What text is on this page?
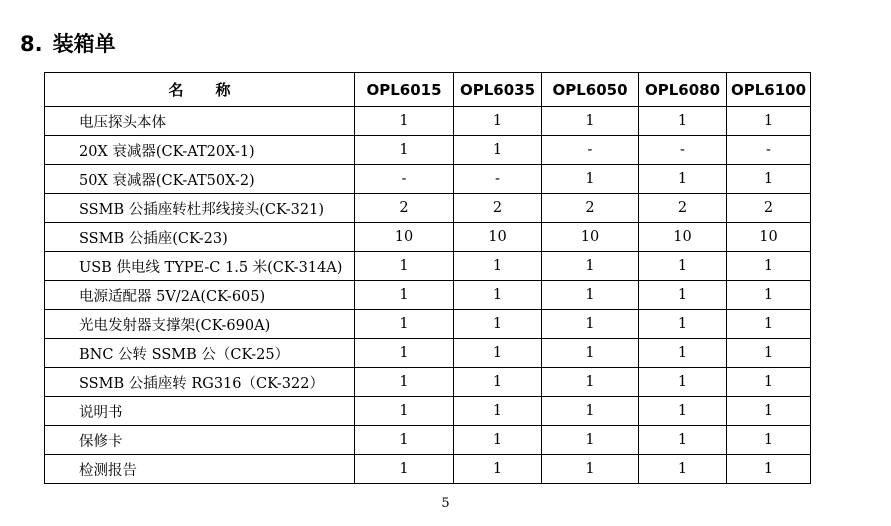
8. 装箱单
名 称	OPL6015	OPL6035	OPL6050	OPL6080	OPL6100
电压探头本体	1	1	1	1	1
20X 衰减器(CK-AT20X-1)	1	1	-	-	-
50X 衰减器(CK-AT50X-2)	-	-	1	1	1
SSMB 公插座转杜邦线接头(CK-321)	2	2	2	2	2
SSMB 公插座(CK-23)	10	10	10	10	10
USB 供电线 TYPE-C 1.5 米(CK-314A)	1	1	1	1	1
电源适配器 5V/2A(CK-605)	1	1	1	1	1
光电发射器支撑架(CK-690A)	1	1	1	1	1
BNC 公转 SSMB 公（CK-25）	1	1	1	1	1
SSMB 公插座转 RG316（CK-322）	1	1	1	1	1
说明书	1	1	1	1	1
保修卡	1	1	1	1	1
检测报告	1	1	1	1	1
5
